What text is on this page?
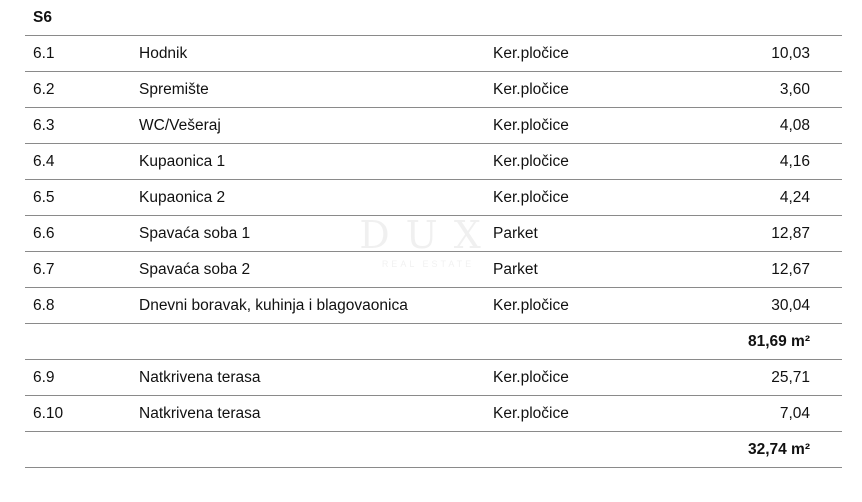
DUX
REAL ESTATE
S6
6.1	Hodnik	Ker.pločice	10,03
6.2	Spremište	Ker.pločice	3,60
6.3	WC/Vešeraj	Ker.pločice	4,08
6.4	Kupaonica 1	Ker.pločice	4,16
6.5	Kupaonica 2	Ker.pločice	4,24
6.6	Spavaća soba 1	Parket	12,87
6.7	Spavaća soba 2	Parket	12,67
6.8	Dnevni boravak, kuhinja i blagovaonica	Ker.pločice	30,04
81,69 m²
6.9	Natkrivena terasa	Ker.pločice	25,71
6.10	Natkrivena terasa	Ker.pločice	7,04
32,74 m²
